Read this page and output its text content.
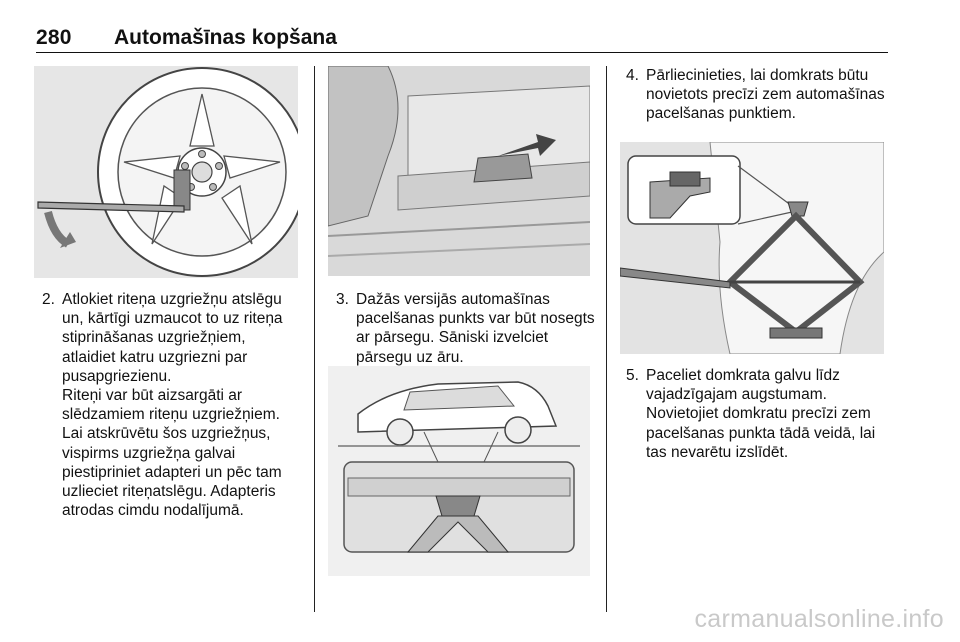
280 Automašīnas kopšana
2. Atlokiet riteņa uzgriežņu atslēgu un, kārtīgi uzmaucot to uz riteņa stiprināšanas uzgriežņiem, atlaidiet katru uzgriezni par pusapgriezienu.
Riteņi var būt aizsargāti ar slēdzamiem riteņu uzgriežņiem. Lai atskrūvētu šos uzgriežņus, vispirms uzgriežņa galvai piestipriniet adapteri un pēc tam uzlieciet riteņatslēgu. Adapteris atrodas cimdu nodalījumā.
3. Dažās versijās automašīnas pacelšanas punkts var būt nosegts ar pārsegu. Sāniski izvelciet pārsegu uz āru.
4. Pārliecinieties, lai domkrats būtu novietots precīzi zem automašīnas pacelšanas punktiem.
5. Paceliet domkrata galvu līdz vajadzīgajam augstumam. Novietojiet domkratu precīzi zem pacelšanas punkta tādā veidā, lai tas nevarētu izslīdēt.
carmanualsonline.info
